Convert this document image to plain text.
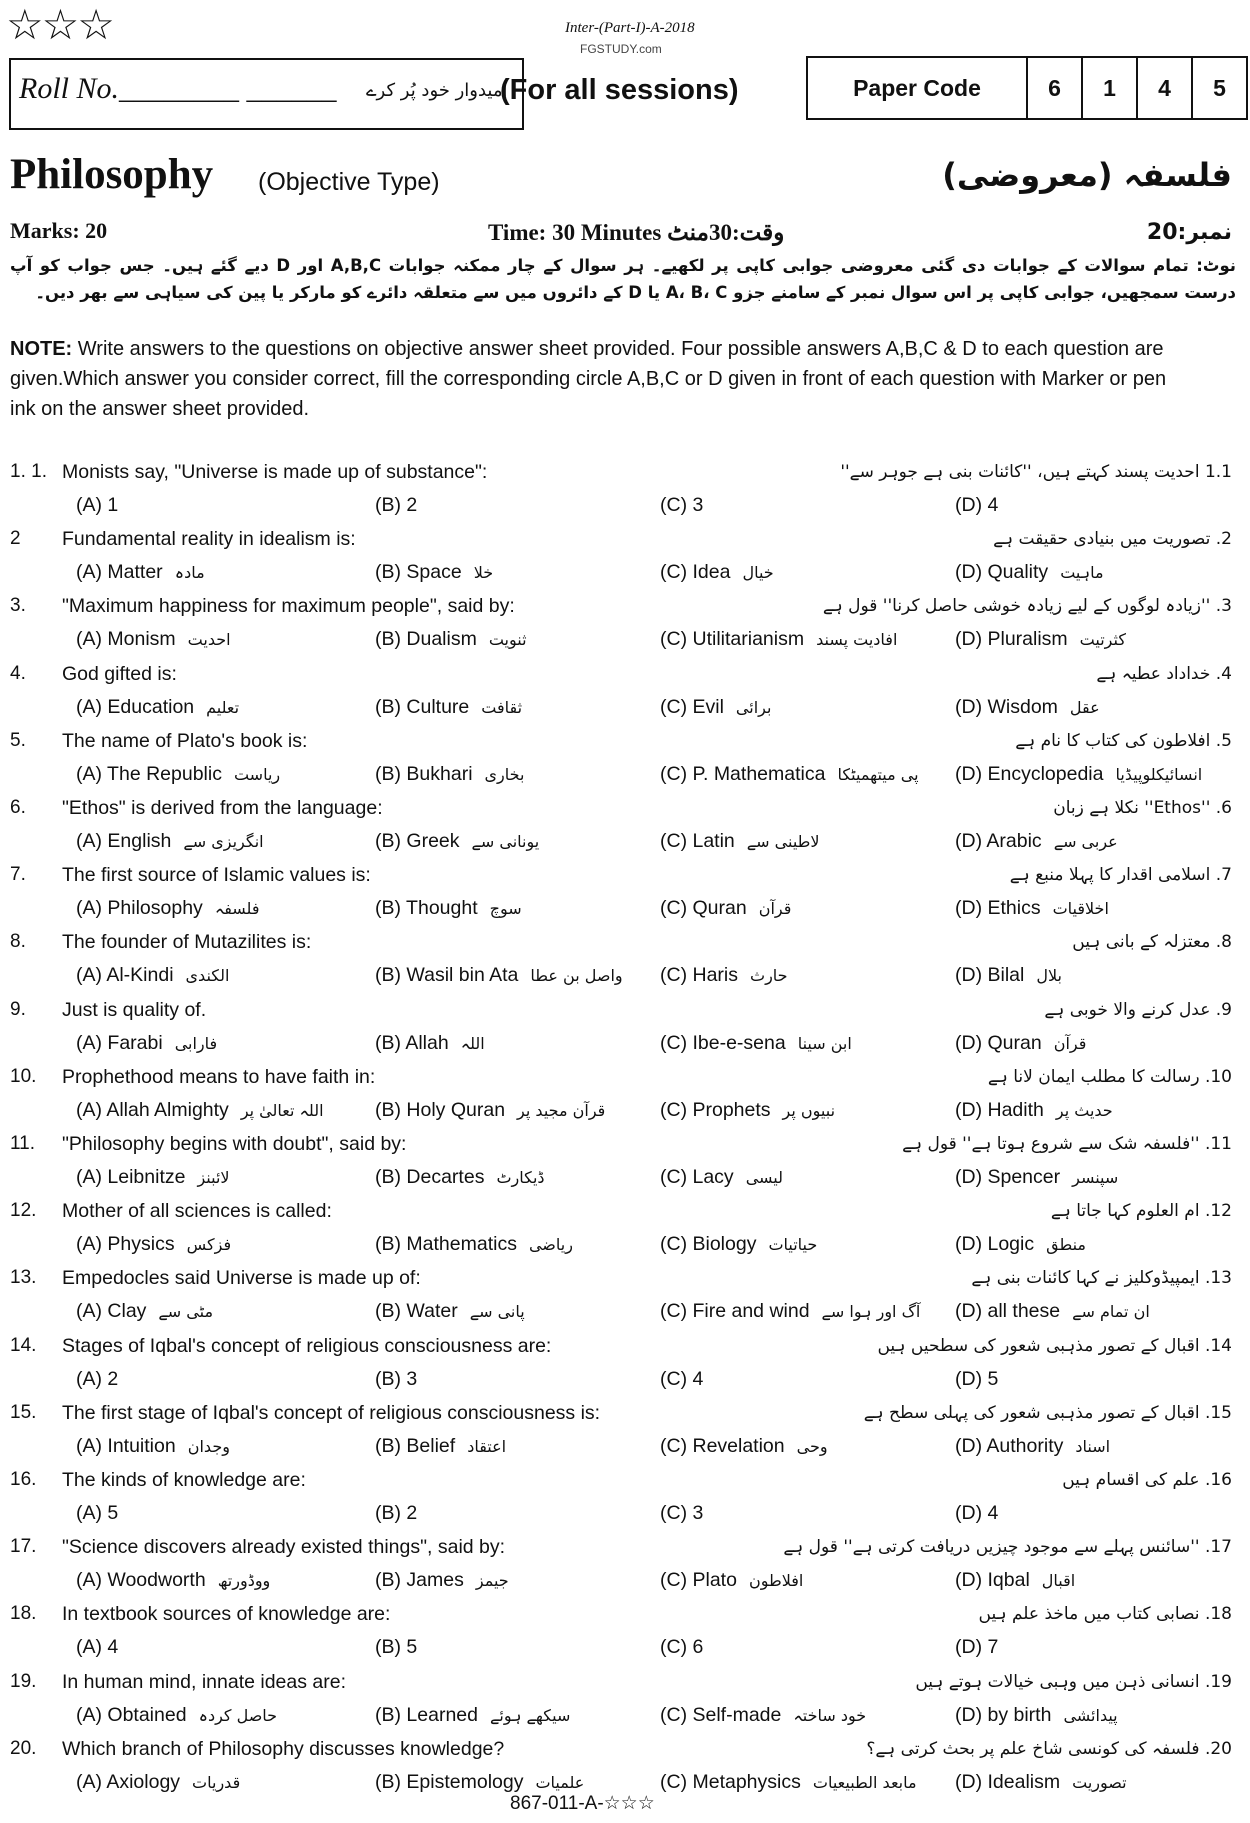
☆☆☆	Inter-(Part-I)-A-2018
FGSTUDY.com
Roll No.________ ______ امیدوار خود پُر کرے
(For all sessions)	Paper Code	6	1	4	5
Philosophy (Objective Type)	فلسفہ (معروضی)
Marks: 20	Time: 30 Minutes وقت:30منٹ	نمبر:20
نوٹ: تمام سوالات کے جوابات دی گئی معروضی جوابی کاپی پر لکھیے۔ ہر سوال کے چار ممکنہ جوابات A,B,C اور D دیے گئے ہیں۔ جس جواب کو آپ درست سمجھیں، جوابی کاپی پر اس سوال نمبر کے سامنے جزو A، B، C یا D کے دائروں میں سے متعلقہ دائرے کو مارکر یا پین کی سیاہی سے بھر دیں۔
NOTE: Write answers to the questions on objective answer sheet provided. Four possible answers A,B,C & D to each question are given.Which answer you consider correct, fill the corresponding circle A,B,C or D given in front of each question with Marker or pen ink on the answer sheet provided.
1. 1. Monists say, "Universe is made up of substance":	1.1 احدیت پسند کہتے ہیں، ''کائنات بنی ہے جوہر سے''
(A) 1	(B) 2	(C) 3	(D) 4
2 Fundamental reality in idealism is:	2. تصوریت میں بنیادی حقیقت ہے
(A) Matter مادہ	(B) Space خلا	(C) Idea خیال	(D) Quality ماہیت
3. "Maximum happiness for maximum people", said by:	3. ''زیادہ لوگوں کے لیے زیادہ خوشی حاصل کرنا'' قول ہے
(A) Monism احدیت	(B) Dualism ثنویت	(C) Utilitarianism افادیت پسند	(D) Pluralism کثرتیت
4. God gifted is:	4. خداداد عطیہ ہے
(A) Education تعلیم	(B) Culture ثقافت	(C) Evil برائی	(D) Wisdom عقل
5. The name of Plato's book is:	5. افلاطون کی کتاب کا نام ہے
(A) The Republic ریاست	(B) Bukhari بخاری	(C) P. Mathematica پی میتھمیٹکا (D) Encyclopedia انسائیکلوپیڈیا
6. "Ethos" is derived from the language:	6. ''Ethos'' نکلا ہے زبان
(A) English انگریزی سے	(B) Greek یونانی سے	(C) Latin لاطینی سے	(D) Arabic عربی سے
7. The first source of Islamic values is:	7. اسلامی اقدار کا پہلا منبع ہے
(A) Philosophy فلسفہ	(B) Thought سوچ	(C) Quran قرآن	(D) Ethics اخلاقیات
8. The founder of Mutazilites is:	8. معتزلہ کے بانی ہیں
(A) Al-Kindi الکندی	(B) Wasil bin Ata واصل بن عطا (C) Haris حارث	(D) Bilal بلال
9. Just is quality of.	9. عدل کرنے والا خوبی ہے
(A) Farabi فارابی	(B) Allah اللہ	(C) Ibe-e-sena ابن سینا	(D) Quran قرآن
10. Prophethood means to have faith in:	10. رسالت کا مطلب ایمان لانا ہے
(A) Allah Almighty اللہ تعالیٰ پر	(B) Holy Quran قرآن مجید پر	(C) Prophets نبیوں پر	(D) Hadith حدیث پر
11. "Philosophy begins with doubt", said by:	11. ''فلسفہ شک سے شروع ہوتا ہے'' قول ہے
(A) Leibnitze لائبنز	(B) Decartes ڈیکارٹ	(C) Lacy لیسی	(D) Spencer سپنسر
12. Mother of all sciences is called:	12. ام العلوم کہا جاتا ہے
(A) Physics فزکس	(B) Mathematics ریاضی	(C) Biology حیاتیات	(D) Logic منطق
13. Empedocles said Universe is made up of:	13. ایمپیڈوکلیز نے کہا کائنات بنی ہے
(A) Clay مٹی سے	(B) Water پانی سے	(C) Fire and wind آگ اور ہوا سے (D) all these ان تمام سے
14. Stages of Iqbal's concept of religious consciousness are:	14. اقبال کے تصور مذہبی شعور کی سطحیں ہیں
(A) 2	(B) 3	(C) 4	(D) 5
15. The first stage of Iqbal's concept of religious consciousness is:	15. اقبال کے تصور مذہبی شعور کی پہلی سطح ہے
(A) Intuition وجدان	(B) Belief اعتقاد	(C) Revelation وحی	(D) Authority اسناد
16. The kinds of knowledge are:	16. علم کی اقسام ہیں
(A) 5	(B) 2	(C) 3	(D) 4
17. "Science discovers already existed things", said by:	17. ''سائنس پہلے سے موجود چیزیں دریافت کرتی ہے'' قول ہے
(A) Woodworth ووڈورتھ	(B) James جیمز	(C) Plato افلاطون	(D) Iqbal اقبال
18. In textbook sources of knowledge are:	18. نصابی کتاب میں ماخذ علم ہیں
(A) 4	(B) 5	(C) 6	(D) 7
19. In human mind, innate ideas are:	19. انسانی ذہن میں وہبی خیالات ہوتے ہیں
(A) Obtained حاصل کردہ	(B) Learned سیکھے ہوئے	(C) Self-made خود ساختہ	(D) by birth پیدائشی
20. Which branch of Philosophy discusses knowledge?	20. فلسفہ کی کونسی شاخ علم پر بحث کرتی ہے؟
(A) Axiology قدریات	(B) Epistemology علمیات	(C) Metaphysics مابعد الطبیعیات (D) Idealism تصوریت
867-011-A-☆☆☆
